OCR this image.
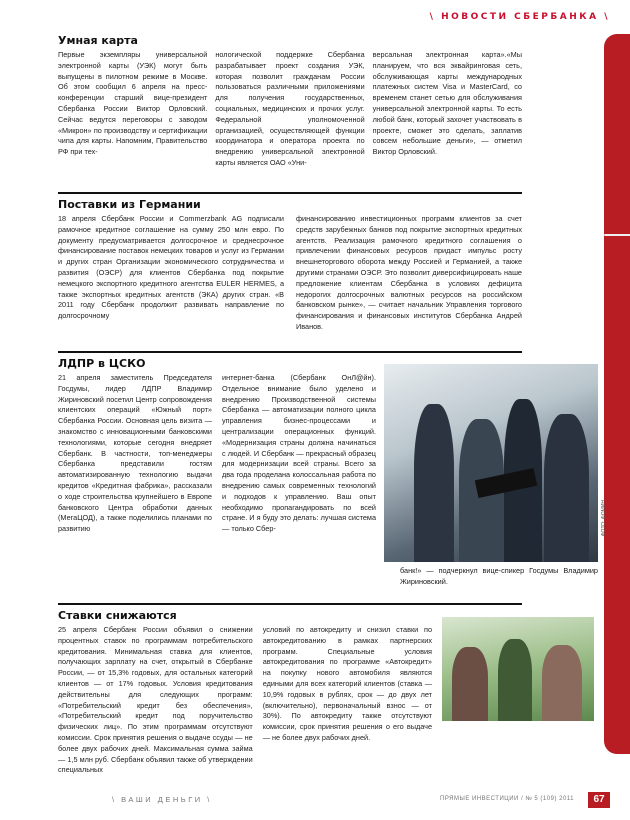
\ НОВОСТИ СБЕРБАНКА \
Умная карта
Первые экземпляры универсальной электронной карты (УЭК) могут быть выпущены в пилотном режиме в Москве. Об этом сообщил 6 апреля на пресс-конференции старший вице-президент Сбербанка России Виктор Орловский. Сейчас ведутся переговоры с заводом «Микрон» по производству и сертификации чипа для карты. Напомним, Правительство РФ при тех-
нологической поддержке Сбербанка разрабатывает проект создания УЭК, которая позволит гражданам России пользоваться различными приложениями для получения государственных, социальных, медицинских и прочих услуг. Федеральной уполномоченной организацией, осуществляющей функции координатора и оператора проекта по внедрению универсальной электронной карты является ОАО «Уни-
версальная электронная карта».«Мы планируем, что вся эквайринговая сеть, обслуживающая карты международных платежных систем Visa и MasterCard, со временем станет сетью для обслуживания универсальной электронной карты. То есть любой банк, который захочет участвовать в проекте, сможет это сделать, заплатив совсем небольшие деньги», — отметил Виктор Орловский.
Поставки из Германии
18 апреля Сбербанк России и Commerzbank AG подписали рамочное кредитное соглашение на сумму 250 млн евро. По документу предусматривается долгосрочное и среднесрочное финансирование поставок немецких товаров и услуг из Германии и других стран Организации экономического сотрудничества и развития (ОЭСР) для клиентов Сбербанка под покрытие немецкого экспортного кредитного агентства EULER HERMES, а также экспортных кредитных агентств (ЭКА) других стран. «В 2011 году Сбербанк продолжит развивать направление по долгосрочному
финансированию инвестиционных программ клиентов за счет средств зарубежных банков под покрытие экспортных кредитных агентств. Реализация рамочного кредитного соглашения о привлечении финансовых ресурсов придаст импульс росту внешнеторгового оборота между Россией и Германией, а также другими странами ОЭСР. Это позволит диверсифицировать наше предложение клиентам Сбербанка в условиях дефицита недорогих долгосрочных валютных ресурсов на российском банковском рынке», — считает начальник Управления торгового финансирования и финансовых институтов Сбербанка Андрей Иванов.
ЛДПР в ЦСКО
21 апреля заместитель Председателя Госдумы, лидер ЛДПР Владимир Жириновский посетил Центр сопровождения клиентских операций «Южный порт» Сбербанка России. Основная цель визита — знакомство с инновационными банковскими технологиями, которые сегодня внедряет Сбербанк. В частности, топ-менеджеры Сбербанка представили гостям автоматизированную технологию выдачи кредитов «Кредитная фабрика», рассказали о ходе строительства крупнейшего в Европе банковского Центра обработки данных (МегаЦОД), а также поделились планами по развитию
интернет-банка (Сбербанк ОнЛ@йн). Отдельное внимание было уделено и внедрению Производственной системы Сбербанка — автоматизации полного цикла управления бизнес-процессами и централизации операционных функций. «Модернизация страны должна начинаться с людей. И Сбербанк — прекрасный образец для модернизации всей страны. Всего за два года проделана колоссальная работа по внедрению самых современных технологий и подходов к управлению. Ваш опыт необходимо пропагандировать по всей стране. И я буду это делать: лучшая система — только Сбер-	ФОТО: ФОМИН
банк!» — подчеркнул вице-спикер Госдумы Владимир Жириновский.
Ставки снижаются
25 апреля Сбербанк России объявил о снижении процентных ставок по программам потребительского кредитования. Минимальная ставка для клиентов, получающих зарплату на счет, открытый в Сбербанке России, — от 15,3% годовых, для остальных категорий клиентов — от 17% годовых. Условия кредитования действительны для следующих программ: «Потребительский кредит без обеспечения», «Потребительский кредит под поручительство физических лиц». По этим программам отсутствуют комиссии. Срок принятия решения о выдаче ссуды — не более двух рабочих дней. Максимальная сумма займа — 1,5 млн руб. Сбербанк объявил также об утверждении специальных
условий по автокредиту и снизил ставки по автокредитованию в рамках партнерских программ. Специальные условия автокредитования по программе «Автокредит» на покупку нового автомобиля являются едиными для всех категорий клиентов (ставка — 10,9% годовых в рублях, срок — до двух лет (включительно), первоначальный взнос — от 30%). По автокредиту также отсутствуют комиссии, срок принятия решения о его выдаче — не более двух рабочих дней.
\ ВАШИ ДЕНЬГИ \	ПРЯМЫЕ ИНВЕСТИЦИИ / № 5 (109) 2011	67
